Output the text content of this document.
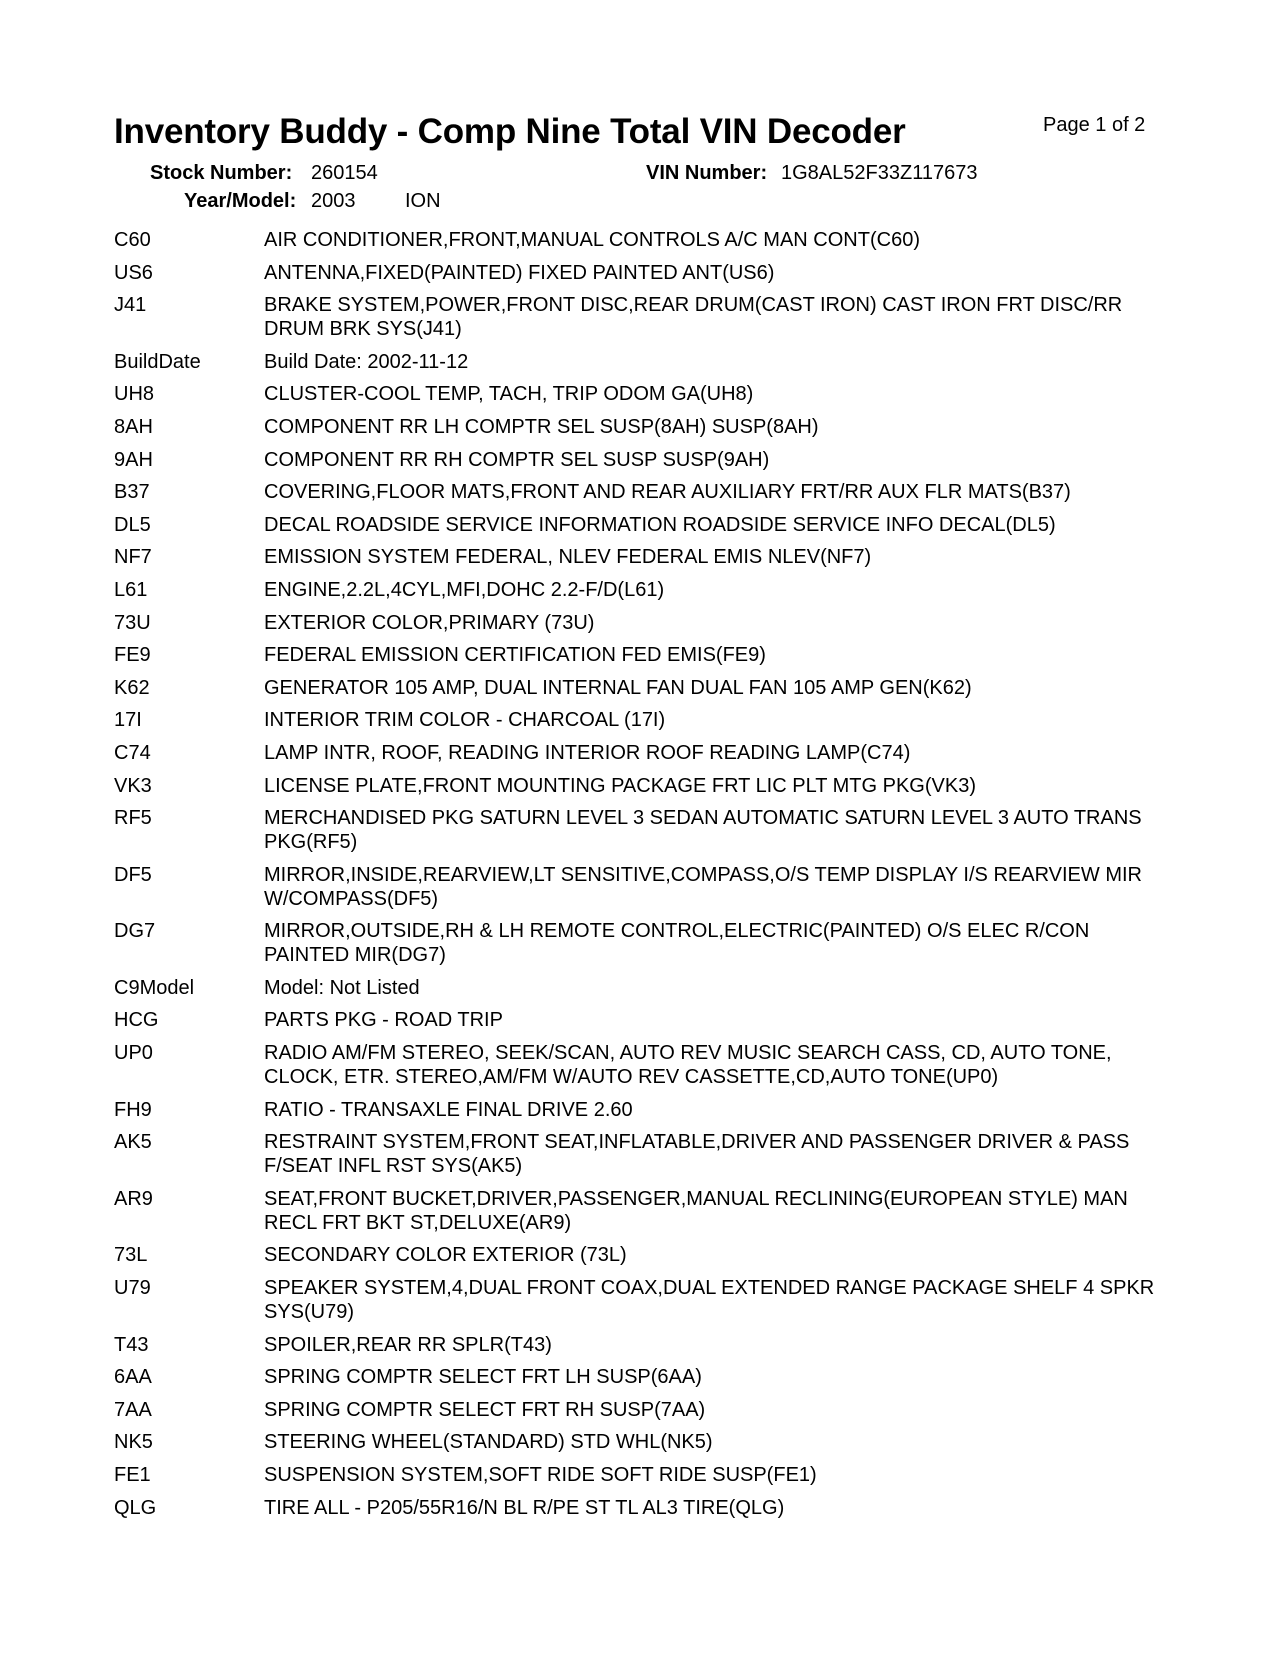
Inventory Buddy - Comp Nine Total VIN Decoder	Page 1 of 2
Stock Number: 260154	VIN Number: 1G8AL52F33Z117673
Year/Model: 2003 ION
C60	AIR CONDITIONER,FRONT,MANUAL CONTROLS A/C MAN CONT(C60)
US6	ANTENNA,FIXED(PAINTED) FIXED PAINTED ANT(US6)
J41	BRAKE SYSTEM,POWER,FRONT DISC,REAR DRUM(CAST IRON) CAST IRON FRT DISC/RR DRUM BRK SYS(J41)
BuildDate	Build Date: 2002-11-12
UH8	CLUSTER-COOL TEMP, TACH, TRIP ODOM GA(UH8)
8AH	COMPONENT RR LH COMPTR SEL SUSP(8AH) SUSP(8AH)
9AH	COMPONENT RR RH COMPTR SEL SUSP SUSP(9AH)
B37	COVERING,FLOOR MATS,FRONT AND REAR AUXILIARY FRT/RR AUX FLR MATS(B37)
DL5	DECAL ROADSIDE SERVICE INFORMATION ROADSIDE SERVICE INFO DECAL(DL5)
NF7	EMISSION SYSTEM FEDERAL, NLEV FEDERAL EMIS NLEV(NF7)
L61	ENGINE,2.2L,4CYL,MFI,DOHC 2.2-F/D(L61)
73U	EXTERIOR COLOR,PRIMARY (73U)
FE9	FEDERAL EMISSION CERTIFICATION FED EMIS(FE9)
K62	GENERATOR 105 AMP, DUAL INTERNAL FAN DUAL FAN 105 AMP GEN(K62)
17I	INTERIOR TRIM COLOR - CHARCOAL (17I)
C74	LAMP INTR, ROOF, READING INTERIOR ROOF READING LAMP(C74)
VK3	LICENSE PLATE,FRONT MOUNTING PACKAGE FRT LIC PLT MTG PKG(VK3)
RF5	MERCHANDISED PKG SATURN LEVEL 3 SEDAN AUTOMATIC SATURN LEVEL 3 AUTO TRANS PKG(RF5)
DF5	MIRROR,INSIDE,REARVIEW,LT SENSITIVE,COMPASS,O/S TEMP DISPLAY I/S REARVIEW MIR W/COMPASS(DF5)
DG7	MIRROR,OUTSIDE,RH & LH REMOTE CONTROL,ELECTRIC(PAINTED) O/S ELEC R/CON PAINTED MIR(DG7)
C9Model	Model: Not Listed
HCG	PARTS PKG - ROAD TRIP
UP0	RADIO AM/FM STEREO, SEEK/SCAN, AUTO REV MUSIC SEARCH CASS, CD, AUTO TONE, CLOCK, ETR. STEREO,AM/FM W/AUTO REV CASSETTE,CD,AUTO TONE(UP0)
FH9	RATIO - TRANSAXLE FINAL DRIVE 2.60
AK5	RESTRAINT SYSTEM,FRONT SEAT,INFLATABLE,DRIVER AND PASSENGER DRIVER & PASS F/SEAT INFL RST SYS(AK5)
AR9	SEAT,FRONT BUCKET,DRIVER,PASSENGER,MANUAL RECLINING(EUROPEAN STYLE) MAN RECL FRT BKT ST,DELUXE(AR9)
73L	SECONDARY COLOR EXTERIOR (73L)
U79	SPEAKER SYSTEM,4,DUAL FRONT COAX,DUAL EXTENDED RANGE PACKAGE SHELF 4 SPKR SYS(U79)
T43	SPOILER,REAR RR SPLR(T43)
6AA	SPRING COMPTR SELECT FRT LH SUSP(6AA)
7AA	SPRING COMPTR SELECT FRT RH SUSP(7AA)
NK5	STEERING WHEEL(STANDARD) STD WHL(NK5)
FE1	SUSPENSION SYSTEM,SOFT RIDE SOFT RIDE SUSP(FE1)
QLG	TIRE ALL - P205/55R16/N BL R/PE ST TL AL3 TIRE(QLG)
